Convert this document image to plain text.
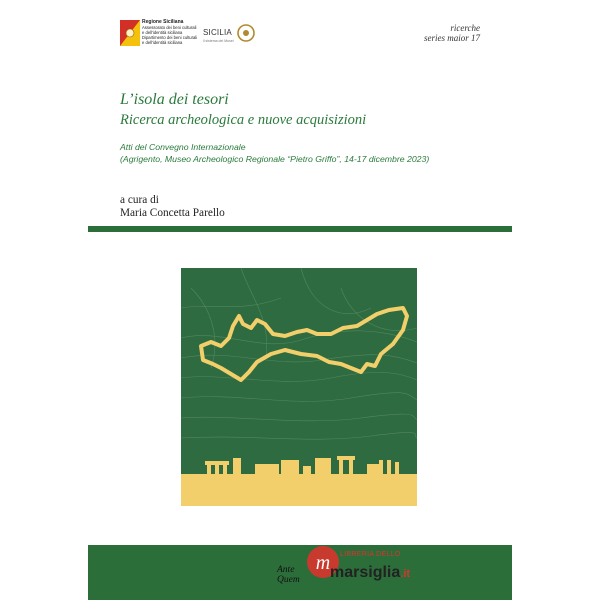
Regione Siciliana
Assessorato dei beni culturali
e dell'identità siciliana
Dipartimento dei beni culturali
e dell'identità siciliana
SICILIA
il sistema dei Musei
ricerche
series maior 17
L’isola dei tesori
Ricerca archeologica e nuove acquisizioni
Atti del Convegno Internazionale
(Agrigento, Museo Archeologico Regionale “Pietro Griffo”, 14-17 dicembre 2023)
a cura di
Maria Concetta Parello
m
Ante
Quem
LIBRERIA DELLO
marsiglia.it
